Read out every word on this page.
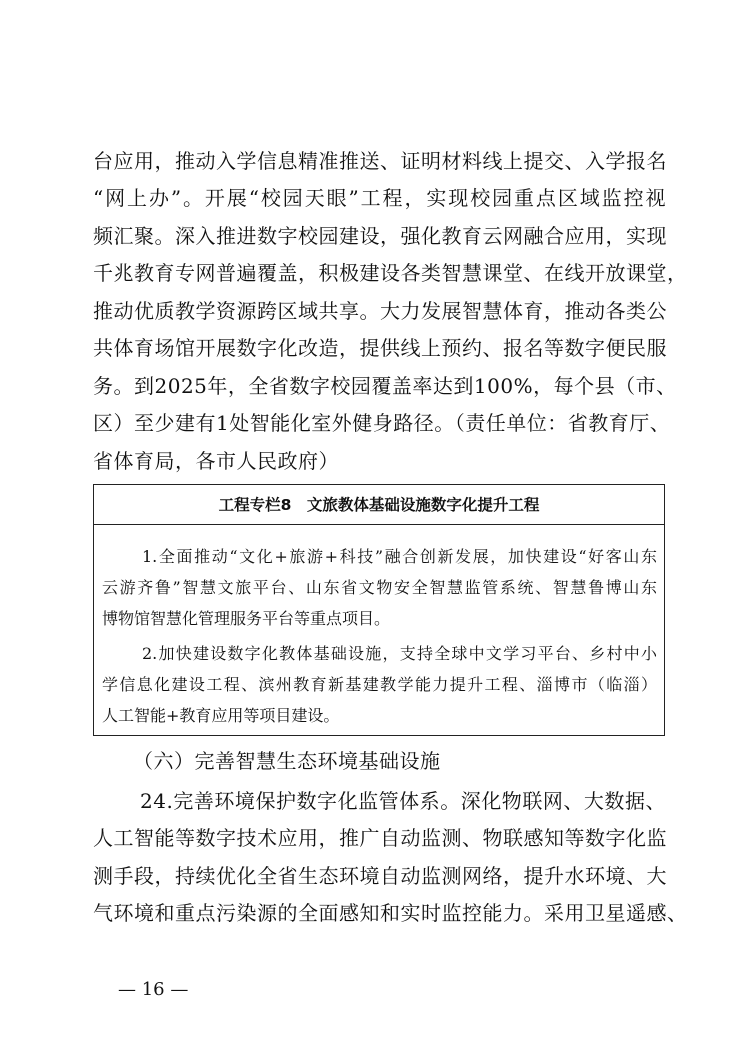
台应用，推动入学信息精准推送、证明材料线上提交、入学报名
“网上办”。开展“校园天眼”工程，实现校园重点区域监控视
频汇聚。深入推进数字校园建设，强化教育云网融合应用，实现
千兆教育专网普遍覆盖，积极建设各类智慧课堂、在线开放课堂，
推动优质教学资源跨区域共享。大力发展智慧体育，推动各类公
共体育场馆开展数字化改造，提供线上预约、报名等数字便民服
务。到2025年，全省数字校园覆盖率达到100%，每个县（市、
区）至少建有1处智能化室外健身路径。（责任单位：省教育厅、
省体育局，各市人民政府）
工程专栏8　文旅教体基础设施数字化提升工程
1.全面推动“文化+旅游+科技”融合创新发展，加快建设“好客山东
云游齐鲁”智慧文旅平台、山东省文物安全智慧监管系统、智慧鲁博山东
博物馆智慧化管理服务平台等重点项目。
2.加快建设数字化教体基础设施，支持全球中文学习平台、乡村中小
学信息化建设工程、滨州教育新基建教学能力提升工程、淄博市（临淄）
人工智能+教育应用等项目建设。
（六）完善智慧生态环境基础设施
24.完善环境保护数字化监管体系。深化物联网、大数据、
人工智能等数字技术应用，推广自动监测、物联感知等数字化监
测手段，持续优化全省生态环境自动监测网络，提升水环境、大
气环境和重点污染源的全面感知和实时监控能力。采用卫星遥感、
— 16 —
